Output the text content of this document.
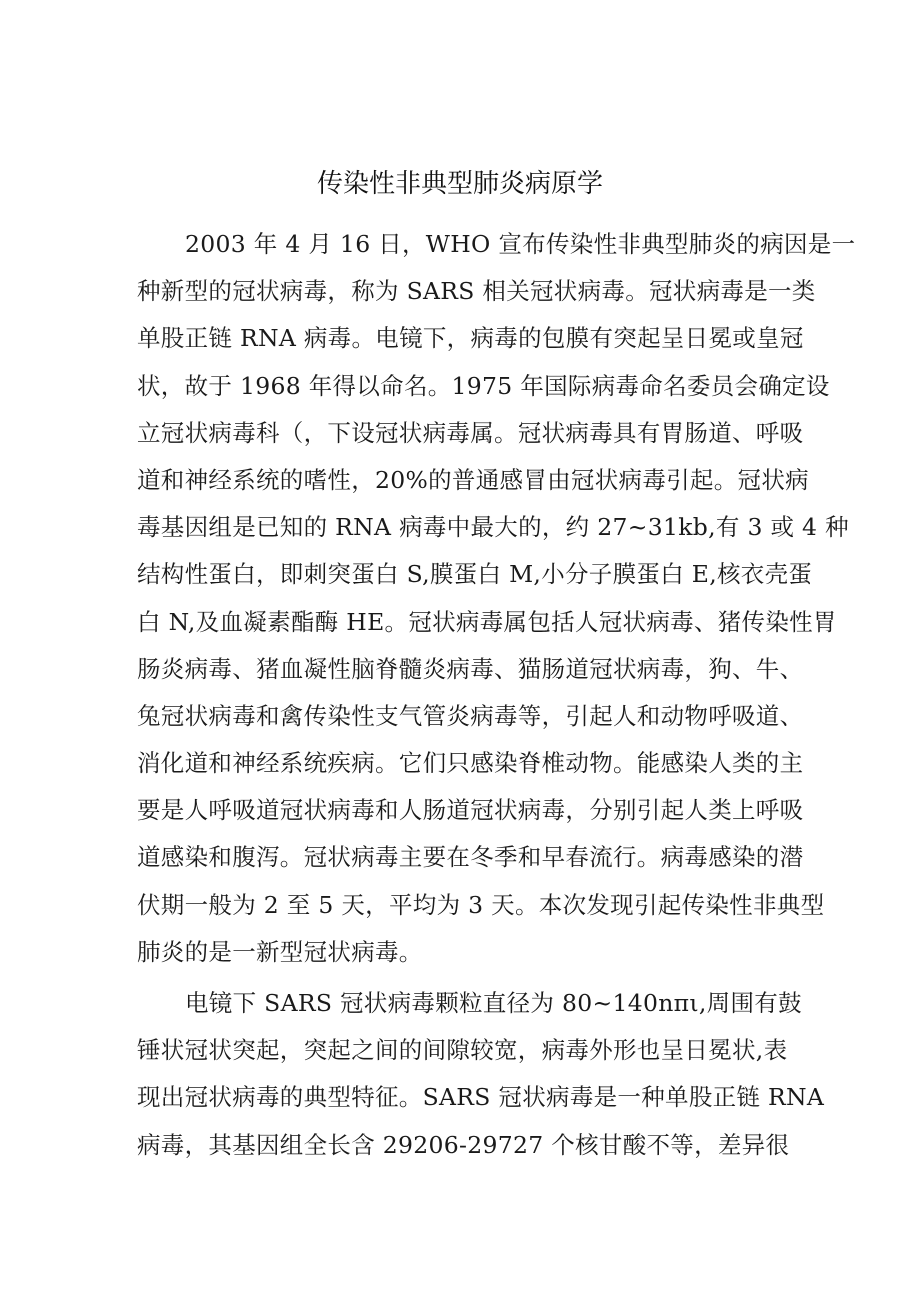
传染性非典型肺炎病原学

2003 年 4 月 16 日，WHO 宣布传染性非典型肺炎的病因是一
种新型的冠状病毒，称为 SARS 相关冠状病毒。冠状病毒是一类
单股正链 RNA 病毒。电镜下，病毒的包膜有突起呈日冕或皇冠
状，故于 1968 年得以命名。1975 年国际病毒命名委员会确定设
立冠状病毒科（，下设冠状病毒属。冠状病毒具有胃肠道、呼吸
道和神经系统的嗜性，20%的普通感冒由冠状病毒引起。冠状病
毒基因组是已知的 RNA 病毒中最大的，约 27~31kb,有 3 或 4 种
结构性蛋白，即刺突蛋白 S,膜蛋白 M,小分子膜蛋白 E,核衣壳蛋
白 N,及血凝素酯酶 HE。冠状病毒属包括人冠状病毒、猪传染性胃
肠炎病毒、猪血凝性脑脊髓炎病毒、猫肠道冠状病毒，狗、牛、
兔冠状病毒和禽传染性支气管炎病毒等，引起人和动物呼吸道、
消化道和神经系统疾病。它们只感染脊椎动物。能感染人类的主
要是人呼吸道冠状病毒和人肠道冠状病毒，分别引起人类上呼吸
道感染和腹泻。冠状病毒主要在冬季和早春流行。病毒感染的潜
伏期一般为 2 至 5 天，平均为 3 天。本次发现引起传染性非典型
肺炎的是一新型冠状病毒。

电镜下 SARS 冠状病毒颗粒直径为 80~140nπι,周围有鼓
锤状冠状突起，突起之间的间隙较宽，病毒外形也呈日冕状,表
现出冠状病毒的典型特征。SARS 冠状病毒是一种单股正链 RNA
病毒，其基因组全长含 29206-29727 个核甘酸不等，差异很
